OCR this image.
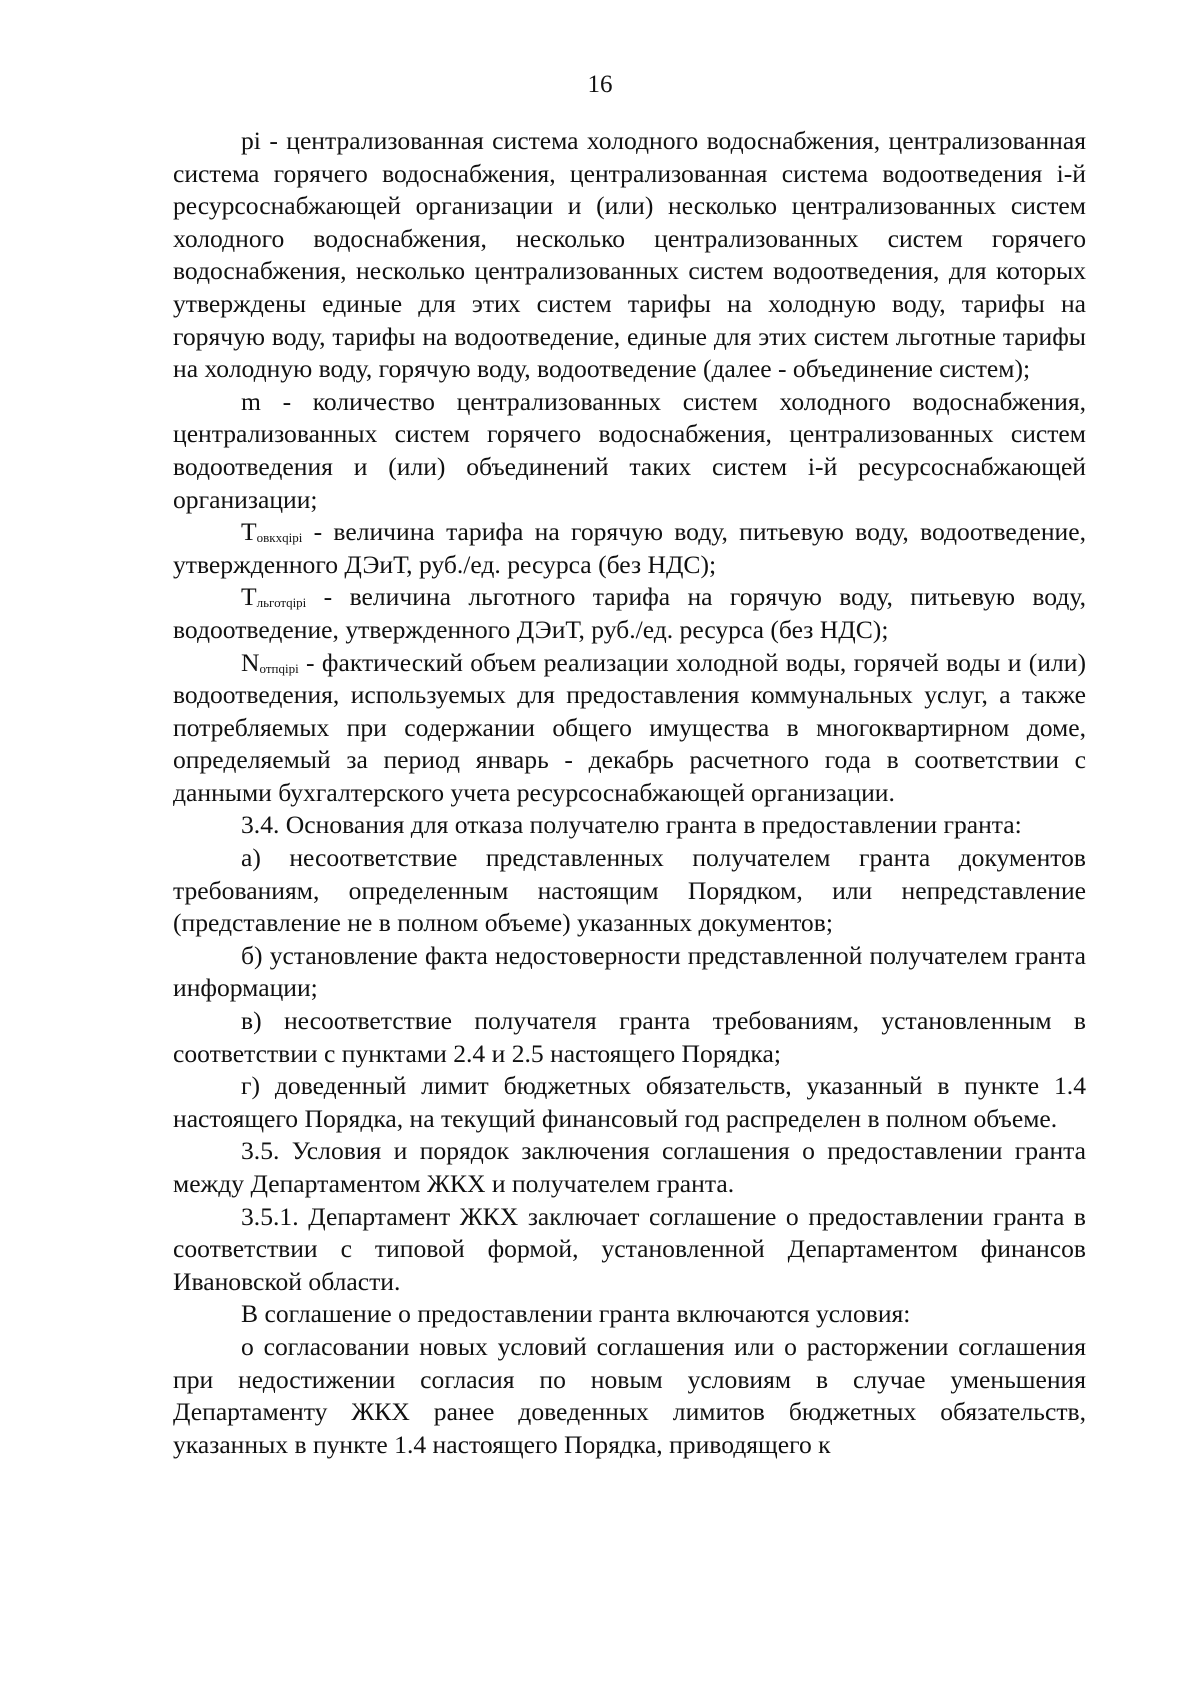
16

pi - централизованная система холодного водоснабжения, централизованная система горячего водоснабжения, централизованная система водоотведения i-й ресурсоснабжающей организации и (или) несколько централизованных систем холодного водоснабжения, несколько централизованных систем горячего водоснабжения, несколько централизованных систем водоотведения, для которых утверждены единые для этих систем тарифы на холодную воду, тарифы на горячую воду, тарифы на водоотведение, единые для этих систем льготные тарифы на холодную воду, горячую воду, водоотведение (далее - объединение систем);

m - количество централизованных систем холодного водоснабжения, централизованных систем горячего водоснабжения, централизованных систем водоотведения и (или) объединений таких систем i-й ресурсоснабжающей организации;

$Т_{овкхqipi}$ - величина тарифа на горячую воду, питьевую воду, водоотведение, утвержденного ДЭиТ, руб./ед. ресурса (без НДС);

$Т_{льготqipi}$ - величина льготного тарифа на горячую воду, питьевую воду, водоотведение, утвержденного ДЭиТ, руб./ед. ресурса (без НДС);

$N_{отпqipi}$ - фактический объем реализации холодной воды, горячей воды и (или) водоотведения, используемых для предоставления коммунальных услуг, а также потребляемых при содержании общего имущества в многоквартирном доме, определяемый за период январь - декабрь расчетного года в соответствии с данными бухгалтерского учета ресурсоснабжающей организации.

3.4. Основания для отказа получателю гранта в предоставлении гранта:

а) несоответствие представленных получателем гранта документов требованиям, определенным настоящим Порядком, или непредставление (представление не в полном объеме) указанных документов;

б) установление факта недостоверности представленной получателем гранта информации;

в) несоответствие получателя гранта требованиям, установленным в соответствии с пунктами 2.4 и 2.5 настоящего Порядка;

г) доведенный лимит бюджетных обязательств, указанный в пункте 1.4 настоящего Порядка, на текущий финансовый год распределен в полном объеме.

3.5. Условия и порядок заключения соглашения о предоставлении гранта между Департаментом ЖКХ и получателем гранта.

3.5.1. Департамент ЖКХ заключает соглашение о предоставлении гранта в соответствии с типовой формой, установленной Департаментом финансов Ивановской области.

В соглашение о предоставлении гранта включаются условия:

о согласовании новых условий соглашения или о расторжении соглашения при недостижении согласия по новым условиям в случае уменьшения Департаменту ЖКХ ранее доведенных лимитов бюджетных обязательств, указанных в пункте 1.4 настоящего Порядка, приводящего к
